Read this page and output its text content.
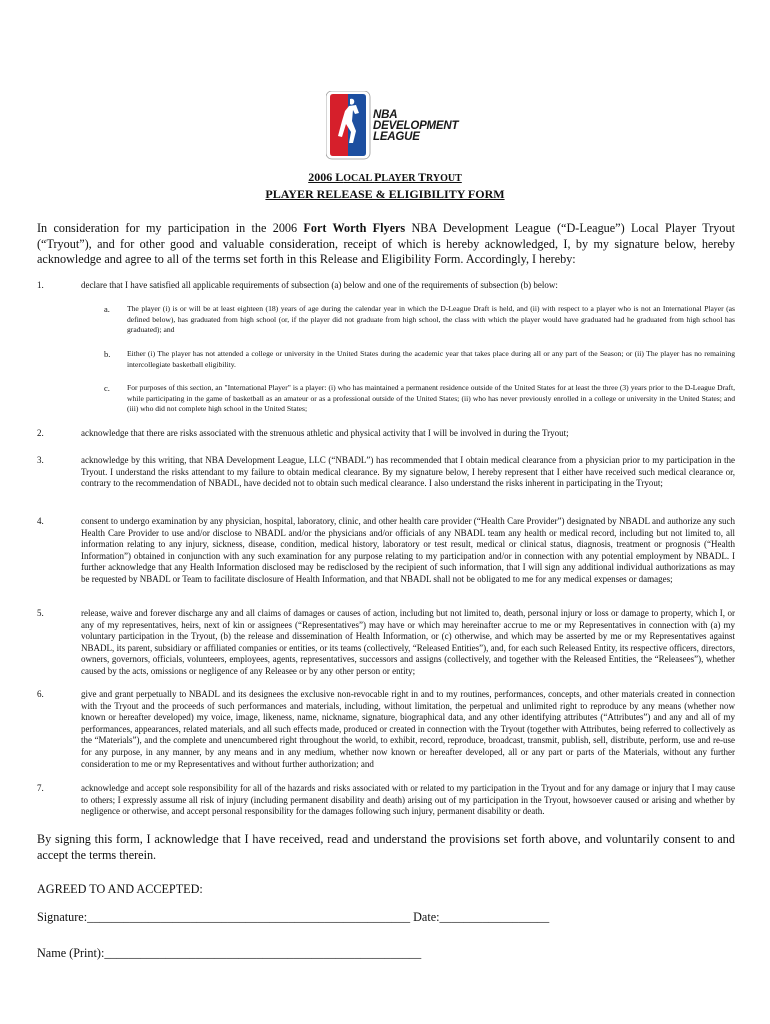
NBA
DEVELOPMENT
LEAGUE
2006 LOCAL PLAYER TRYOUT
PLAYER RELEASE & ELIGIBILITY FORM
In consideration for my participation in the 2006 Fort Worth Flyers NBA Development League (“D-League”) Local Player Tryout (“Tryout”), and for other good and valuable consideration, receipt of which is hereby acknowledged, I, by my signature below, hereby acknowledge and agree to all of the terms set forth in this Release and Eligibility Form. Accordingly, I hereby:
1.	declare that I have satisfied all applicable requirements of subsection (a) below and one of the requirements of subsection (b) below:
a. The player (i) is or will be at least eighteen (18) years of age during the calendar year in which the D-League Draft is held, and (ii) with respect to a player who is not an International Player (as defined below), has graduated from high school (or, if the player did not graduate from high school, the class with which the player would have graduated had he graduated from high school has graduated); and
b. Either (i) The player has not attended a college or university in the United States during the academic year that takes place during all or any part of the Season; or (ii) The player has no remaining intercollegiate basketball eligibility.
c. For purposes of this section, an "International Player" is a player: (i) who has maintained a permanent residence outside of the United States for at least the three (3) years prior to the D-League Draft, while participating in the game of basketball as an amateur or as a professional outside of the United States; (ii) who has never previously enrolled in a college or university in the United States; and (iii) who did not complete high school in the United States;
2.	acknowledge that there are risks associated with the strenuous athletic and physical activity that I will be involved in during the Tryout;
3.	acknowledge by this writing, that NBA Development League, LLC (“NBADL”) has recommended that I obtain medical clearance from a physician prior to my participation in the Tryout. I understand the risks attendant to my failure to obtain medical clearance. By my signature below, I hereby represent that I either have received such medical clearance or, contrary to the recommendation of NBADL, have decided not to obtain such medical clearance. I also understand the risks inherent in participating in the Tryout;
4.	consent to undergo examination by any physician, hospital, laboratory, clinic, and other health care provider (“Health Care Provider”) designated by NBADL and authorize any such Health Care Provider to use and/or disclose to NBADL and/or the physicians and/or officials of any NBADL team any health or medical record, including but not limited to, all information relating to any injury, sickness, disease, condition, medical history, laboratory or test result, medical or clinical status, diagnosis, treatment or prognosis (“Health Information”) obtained in conjunction with any such examination for any purpose relating to my participation and/or in connection with any potential employment by NBADL. I further acknowledge that any Health Information disclosed may be redisclosed by the recipient of such information, that I will sign any additional individual authorizations as may be requested by NBADL or Team to facilitate disclosure of Health Information, and that NBADL shall not be obligated to me for any medical expenses or damages;
5.	release, waive and forever discharge any and all claims of damages or causes of action, including but not limited to, death, personal injury or loss or damage to property, which I, or any of my representatives, heirs, next of kin or assignees (“Representatives”) may have or which may hereinafter accrue to me or my Representatives in connection with (a) my voluntary participation in the Tryout, (b) the release and dissemination of Health Information, or (c) otherwise, and which may be asserted by me or my Representatives against NBADL, its parent, subsidiary or affiliated companies or entities, or its teams (collectively, “Released Entities”), and, for each such Released Entity, its respective officers, directors, owners, governors, officials, volunteers, employees, agents, representatives, successors and assigns (collectively, and together with the Released Entities, the “Releasees”), whether caused by the acts, omissions or negligence of any Releasee or by any other person or entity;
6.	give and grant perpetually to NBADL and its designees the exclusive non-revocable right in and to my routines, performances, concepts, and other materials created in connection with the Tryout and the proceeds of such performances and materials, including, without limitation, the perpetual and unlimited right to reproduce by any means (whether now known or hereafter developed) my voice, image, likeness, name, nickname, signature, biographical data, and any other identifying attributes (“Attributes”) and any and all of my performances, appearances, related materials, and all such effects made, produced or created in connection with the Tryout (together with Attributes, being referred to collectively as the “Materials”), and the complete and unencumbered right throughout the world, to exhibit, record, reproduce, broadcast, transmit, publish, sell, distribute, perform, use and re-use for any purpose, in any manner, by any means and in any medium, whether now known or hereafter developed, all or any part or parts of the Materials, without any further consideration to me or my Representatives and without further authorization; and
7.	acknowledge and accept sole responsibility for all of the hazards and risks associated with or related to my participation in the Tryout and for any damage or injury that I may cause to others; I expressly assume all risk of injury (including permanent disability and death) arising out of my participation in the Tryout, howsoever caused or arising and whether by negligence or otherwise, and accept personal responsibility for the damages following such injury, permanent disability or death.
By signing this form, I acknowledge that I have received, read and understand the provisions set forth above, and voluntarily consent to and accept the terms therein.
AGREED TO AND ACCEPTED:
Signature:_____________________________________________________ Date:__________________
Name (Print):____________________________________________________
